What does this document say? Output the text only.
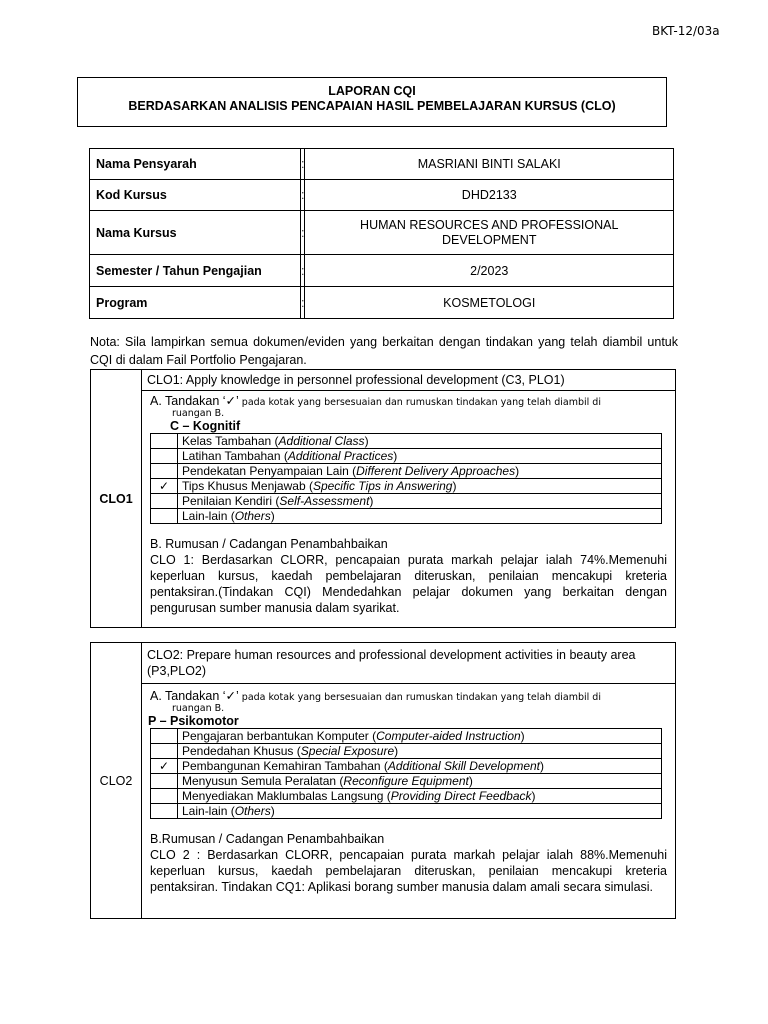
BKT-12/03a
LAPORAN CQI
BERDASARKAN ANALISIS PENCAPAIAN HASIL PEMBELAJARAN KURSUS (CLO)
Nama Pensyarah	:	MASRIANI BINTI SALAKI
Kod Kursus	:	DHD2133
Nama Kursus	:	HUMAN RESOURCES AND PROFESSIONAL DEVELOPMENT
Semester / Tahun Pengajian	:	2/2023
Program	:	KOSMETOLOGI
Nota: Sila lampirkan semua dokumen/eviden yang berkaitan dengan tindakan yang telah diambil untuk CQI di dalam Fail Portfolio Pengajaran.
CLO1
CLO1: Apply knowledge in personnel professional development (C3, PLO1)
A. Tandakan ‘✓’ pada kotak yang bersesuaian dan rumuskan tindakan yang telah diambil di
ruangan B.
C – Kognitif
	Kelas Tambahan (Additional Class)
	Latihan Tambahan (Additional Practices)
	Pendekatan Penyampaian Lain (Different Delivery Approaches)
✓	Tips Khusus Menjawab (Specific Tips in Answering)
	Penilaian Kendiri (Self-Assessment)
	Lain-lain (Others)
B. Rumusan / Cadangan Penambahbaikan
CLO 1: Berdasarkan CLORR, pencapaian purata markah pelajar ialah 74%.Memenuhi keperluan kursus, kaedah pembelajaran diteruskan, penilaian mencakupi kreteria pentaksiran.(Tindakan CQI) Mendedahkan pelajar dokumen yang berkaitan dengan pengurusan sumber manusia dalam syarikat.
CLO2
CLO2: Prepare human resources and professional development activities in beauty area (P3,PLO2)
A. Tandakan ‘✓’ pada kotak yang bersesuaian dan rumuskan tindakan yang telah diambil di
ruangan B.
P – Psikomotor
	Pengajaran berbantukan Komputer (Computer-aided Instruction)
	Pendedahan Khusus (Special Exposure)
✓	Pembangunan Kemahiran Tambahan (Additional Skill Development)
	Menyusun Semula Peralatan (Reconfigure Equipment)
	Menyediakan Maklumbalas Langsung (Providing Direct Feedback)
	Lain-lain (Others)
B.Rumusan / Cadangan Penambahbaikan
CLO 2 : Berdasarkan CLORR, pencapaian purata markah pelajar ialah 88%.Memenuhi keperluan kursus, kaedah pembelajaran diteruskan, penilaian mencakupi kreteria pentaksiran. Tindakan CQ1: Aplikasi borang sumber manusia dalam amali secara simulasi.
